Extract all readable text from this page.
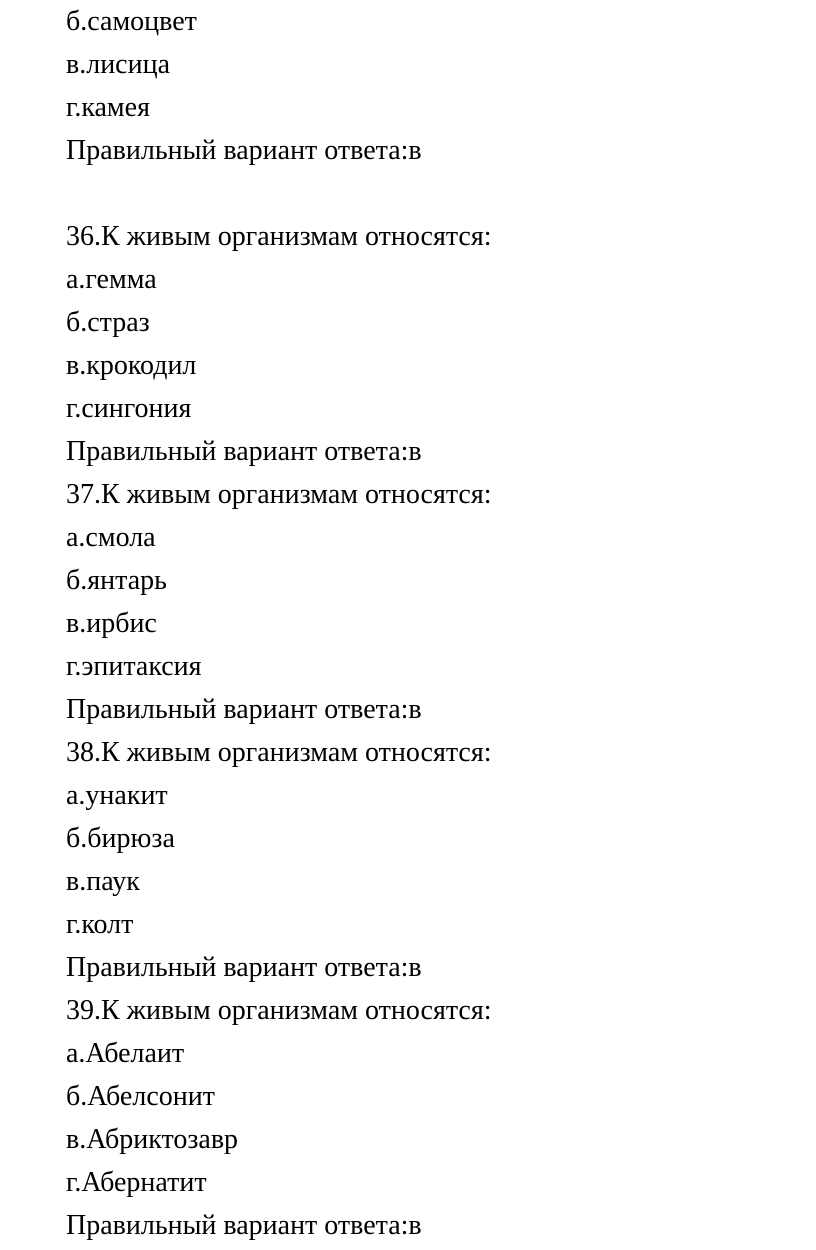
б.самоцвет
в.лисица
г.камея
Правильный вариант ответа:в
36.К живым организмам относятся:
а.гемма
б.страз
в.крокодил
г.сингония
Правильный вариант ответа:в
37.К живым организмам относятся:
а.смола
б.янтарь
в.ирбис
г.эпитаксия
Правильный вариант ответа:в
38.К живым организмам относятся:
а.унакит
б.бирюза
в.паук
г.колт
Правильный вариант ответа:в
39.К живым организмам относятся:
а.Абелаит
б.Абелсонит
в.Абриктозавр
г.Абернатит
Правильный вариант ответа:в
